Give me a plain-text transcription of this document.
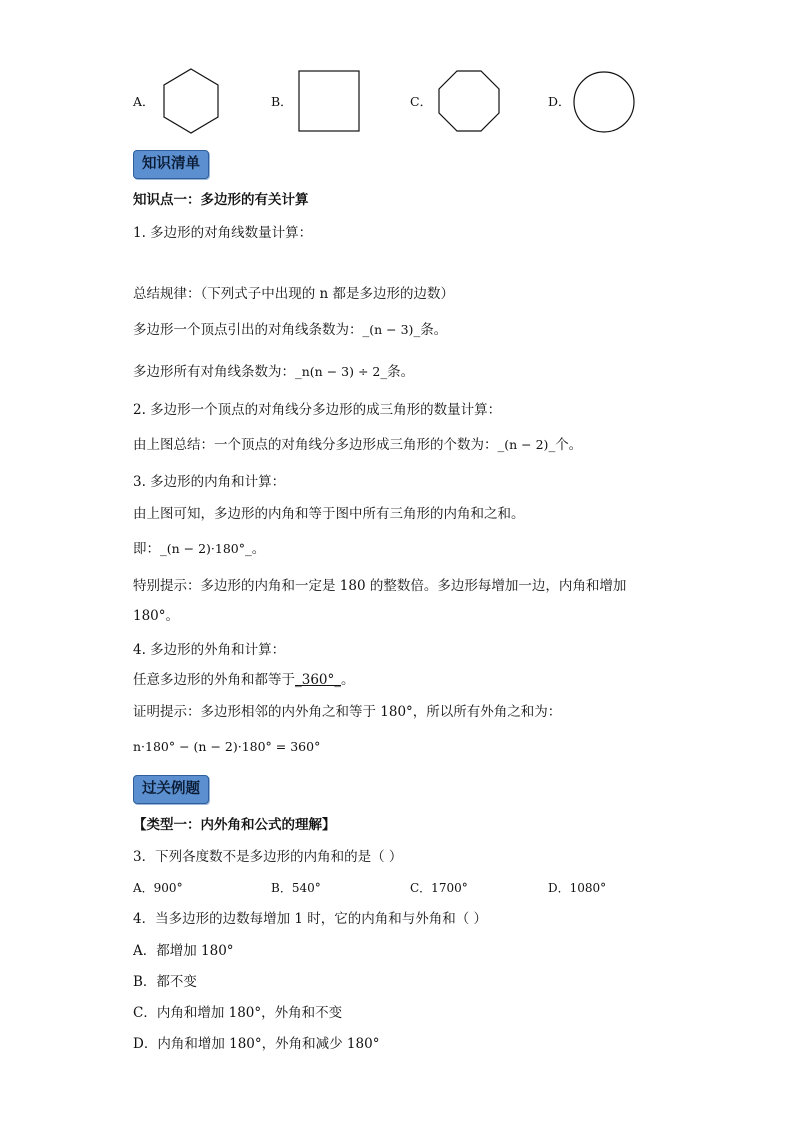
A．	B．	C．	D．
知识清单
知识点一：多边形的有关计算
1. 多边形的对角线数量计算：
总结规律：（下列式子中出现的 n 都是多边形的边数）
多边形一个顶点引出的对角线条数为：_(n − 3)_条。
多边形所有对角线条数为：_n(n − 3) ÷ 2_条。
2. 多边形一个顶点的对角线分多边形的成三角形的数量计算：
由上图总结：一个顶点的对角线分多边形成三角形的个数为：_(n − 2)_个。
3. 多边形的内角和计算：
由上图可知，多边形的内角和等于图中所有三角形的内角和之和。
即：_(n − 2)·180°_。
特别提示：多边形的内角和一定是 180 的整数倍。多边形每增加一边，内角和增加
180°。
4. 多边形的外角和计算：
任意多边形的外角和都等于_360°_。
证明提示：多边形相邻的内外角之和等于 180°，所以所有外角之和为：
n·180° − (n − 2)·180° = 360°
过关例题
【类型一：内外角和公式的理解】
3．下列各度数不是多边形的内角和的是（ ）
A．900°	B．540°	C．1700°	D．1080°
4．当多边形的边数每增加 1 时，它的内角和与外角和（ ）
A．都增加 180°
B．都不变
C．内角和增加 180°，外角和不变
D．内角和增加 180°，外角和减少 180°
